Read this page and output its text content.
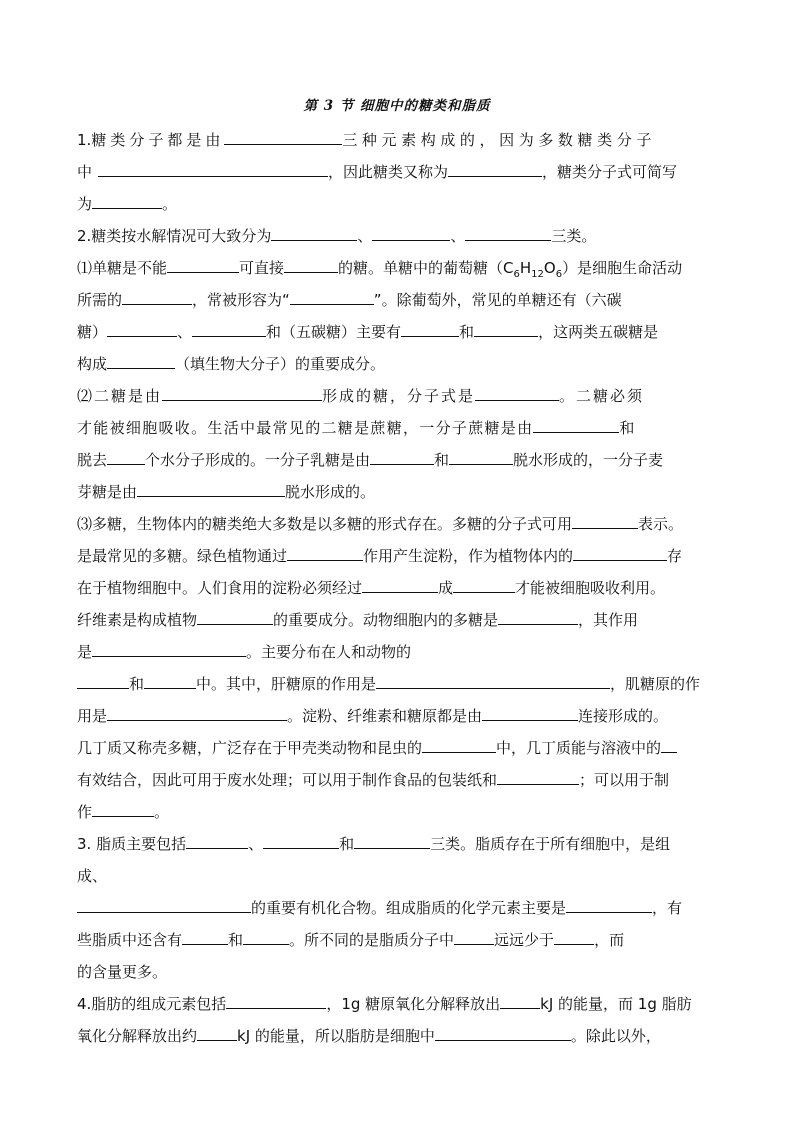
第 3 节 细胞中的糖类和脂质
1.糖类分子都是由	三种元素构成的，因为多数糖类分子
中	，因此糖类又称为	，糖类分子式可简写
为	。
2.糖类按水解情况可大致分为	、	、	三类。
⑴单糖是不能	可直接	的糖。单糖中的葡萄糖$(C_6H_{12}O_6)$是细胞生命活动
所需的	，常被形容为“	”。除葡萄外，常见的单糖还有（六碳
糖）	、	和（五碳糖）主要有	和	，这两类五碳糖是
构成	（填生物大分子）的重要成分。
⑵二糖是由	形成的糖，分子式是	。二糖必须
才能被细胞吸收。生活中最常见的二糖是蔗糖，一分子蔗糖是由	和
脱去	个水分子形成的。一分子乳糖是由	和	脱水形成的，一分子麦
芽糖是由	脱水形成的。
⑶多糖，生物体内的糖类绝大多数是以多糖的形式存在。多糖的分子式可用	表示。
是最常见的多糖。绿色植物通过	作用产生淀粉，作为植物体内的	存
在于植物细胞中。人们食用的淀粉必须经过	成	才能被细胞吸收利用。
纤维素是构成植物	的重要成分。动物细胞内的多糖是	，其作用
是	。主要分布在人和动物的
和	中。其中，肝糖原的作用是	，肌糖原的作
用是	。淀粉、纤维素和糖原都是由	连接形成的。
几丁质又称壳多糖，广泛存在于甲壳类动物和昆虫的	中，几丁质能与溶液中的
有效结合，因此可用于废水处理；可以用于制作食品的包装纸和	；可以用于制
作	。
3. 脂质主要包括	、	和	三类。脂质存在于所有细胞中，是组
成、
的重要有机化合物。组成脂质的化学元素主要是	，有
些脂质中还含有	和	。所不同的是脂质分子中	远远少于	，而
的含量更多。
4.脂肪的组成元素包括	，1g 糖原氧化分解释放出	kJ 的能量，而 1g 脂肪
氧化分解释放出约	kJ 的能量，所以脂肪是细胞中	。除此以外，
